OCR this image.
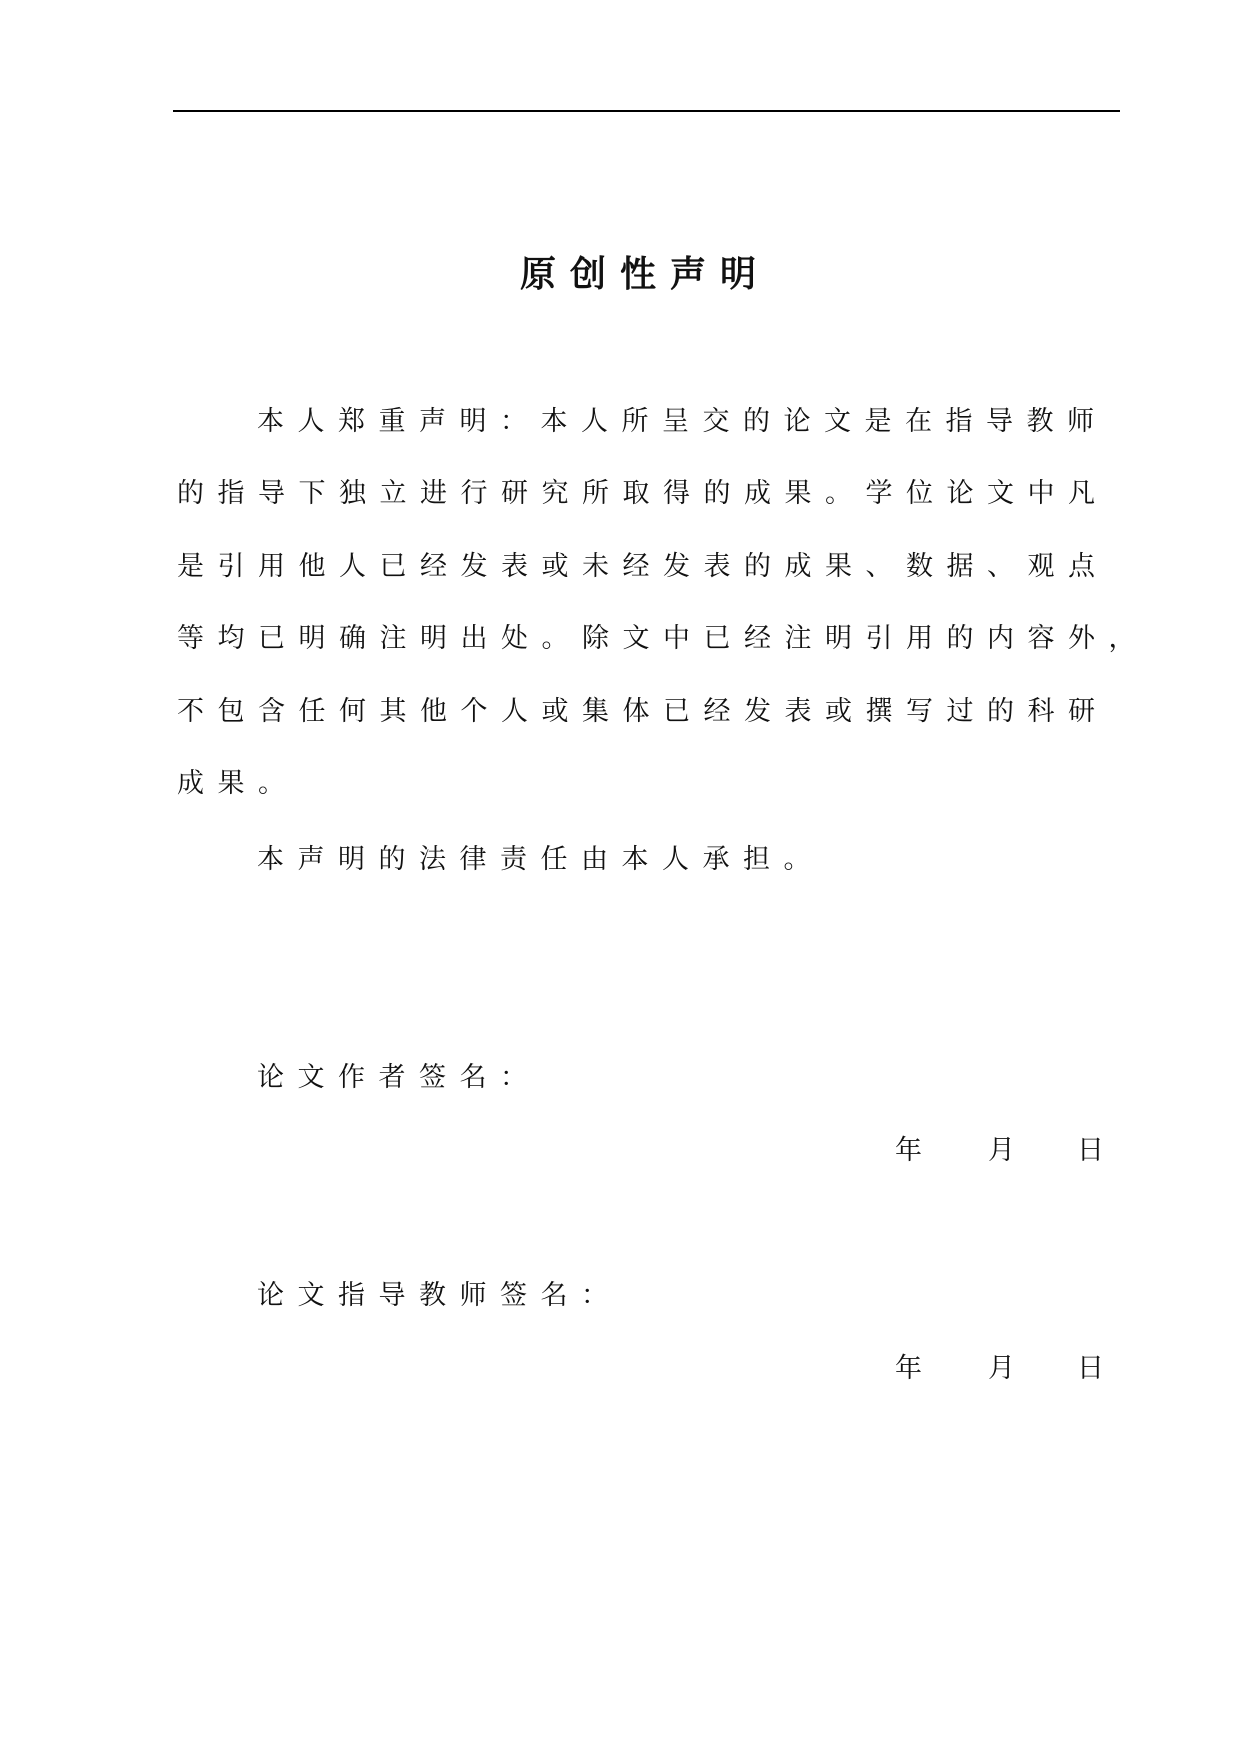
原创性声明
本人郑重声明：本人所呈交的论文是在指导教师
的指导下独立进行研究所取得的成果。学位论文中凡
是引用他人已经发表或未经发表的成果、数据、观点
等均已明确注明出处。除文中已经注明引用的内容外，
不包含任何其他个人或集体已经发表或撰写过的科研
成果。
本声明的法律责任由本人承担。
论文作者签名：
年 月 日
论文指导教师签名：
年 月 日
